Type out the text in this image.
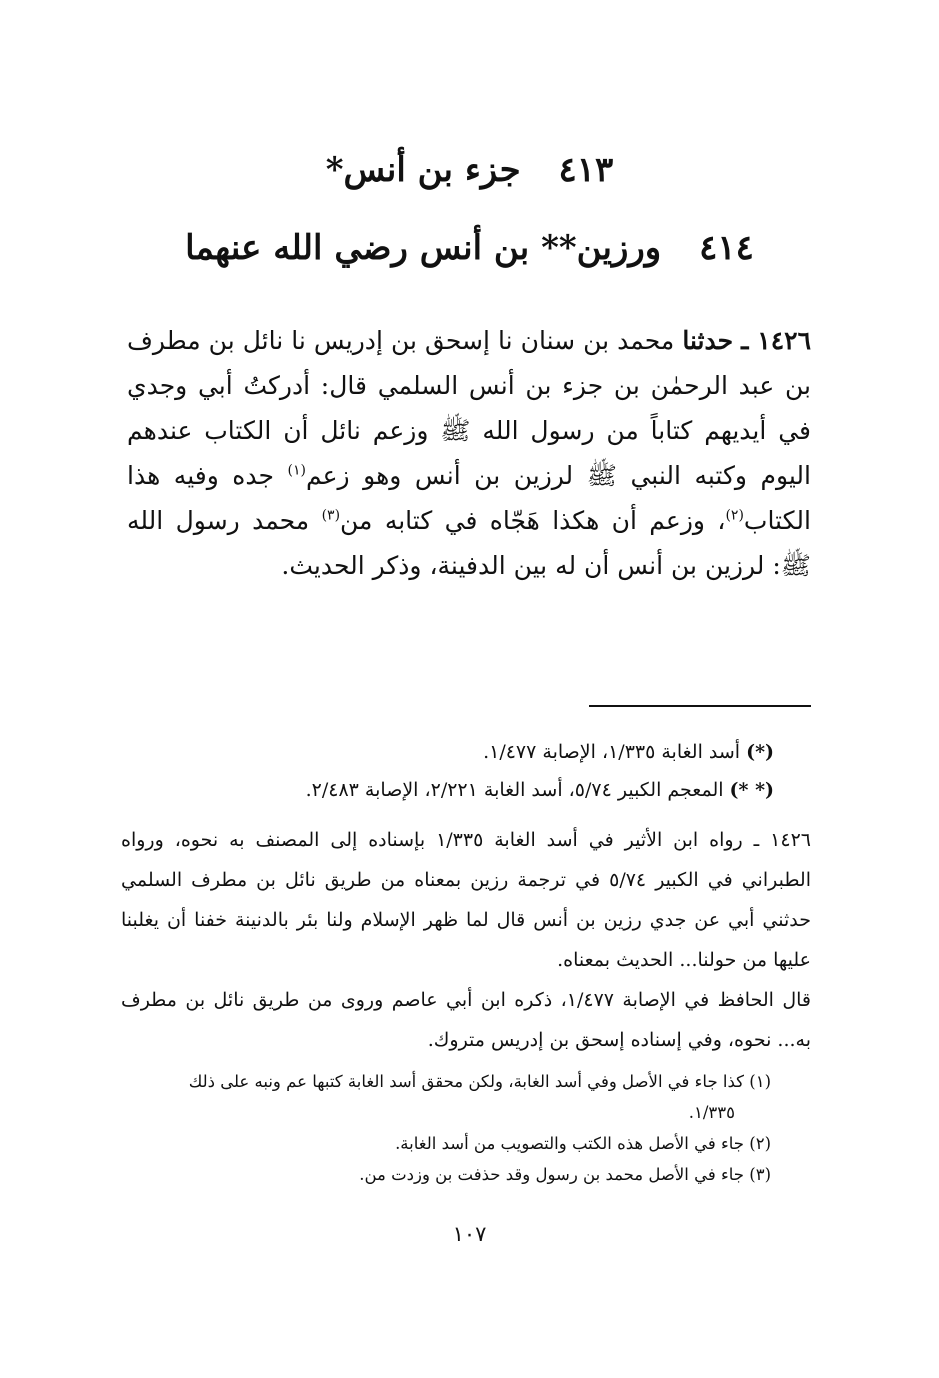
٤١٣ جزء بن أنس*
٤١٤ ورزين** بن أنس رضي الله عنهما
١٤٢٦ ـ حدثنا محمد بن سنان نا إسحق بن إدريس نا نائل بن مطرف بن عبد الرحمٰن بن جزء بن أنس السلمي قال: أدركتُ أبي وجدي في أيديهم كتاباً من رسول الله ﷺ وزعم نائل أن الكتاب عندهم اليوم وكتبه النبي ﷺ لرزين بن أنس وهو زعم$^{(١)}$ جده وفيه هذا الكتاب$^{(٢)}$، وزعم أن هكذا هَجّاه في كتابه من$^{(٣)}$ محمد رسول الله ﷺ: لرزين بن أنس أن له بين الدفينة، وذكر الحديث.
(*)أسد الغابة ١/٣٣٥، الإصابة ١/٤٧٧.
(* *)المعجم الكبير ٥/٧٤، أسد الغابة ٢/٢٢١، الإصابة ٢/٤٨٣.

١٤٢٦ ـ رواه ابن الأثير في أسد الغابة ١/٣٣٥ بإسناده إلى المصنف به نحوه، ورواه الطبراني في الكبير ٥/٧٤ في ترجمة رزين بمعناه من طريق نائل بن مطرف السلمي حدثني أبي عن جدي رزين بن أنس قال لما ظهر الإسلام ولنا بئر بالدنينة خفنا أن يغلبنا عليها من حولنا... الحديث بمعناه.

قال الحافظ في الإصابة ١/٤٧٧، ذكره ابن أبي عاصم وروى من طريق نائل بن مطرف به... نحوه، وفي إسناده إسحق بن إدريس متروك.

(١) كذا جاء في الأصل وفي أسد الغابة، ولكن محقق أسد الغابة كتبها عم ونبه على ذلك

١/٣٣٥.

(٢) جاء في الأصل هذه الكتب والتصويب من أسد الغابة.

(٣) جاء في الأصل محمد بن رسول وقد حذفت بن وزدت من.

١٠٧
